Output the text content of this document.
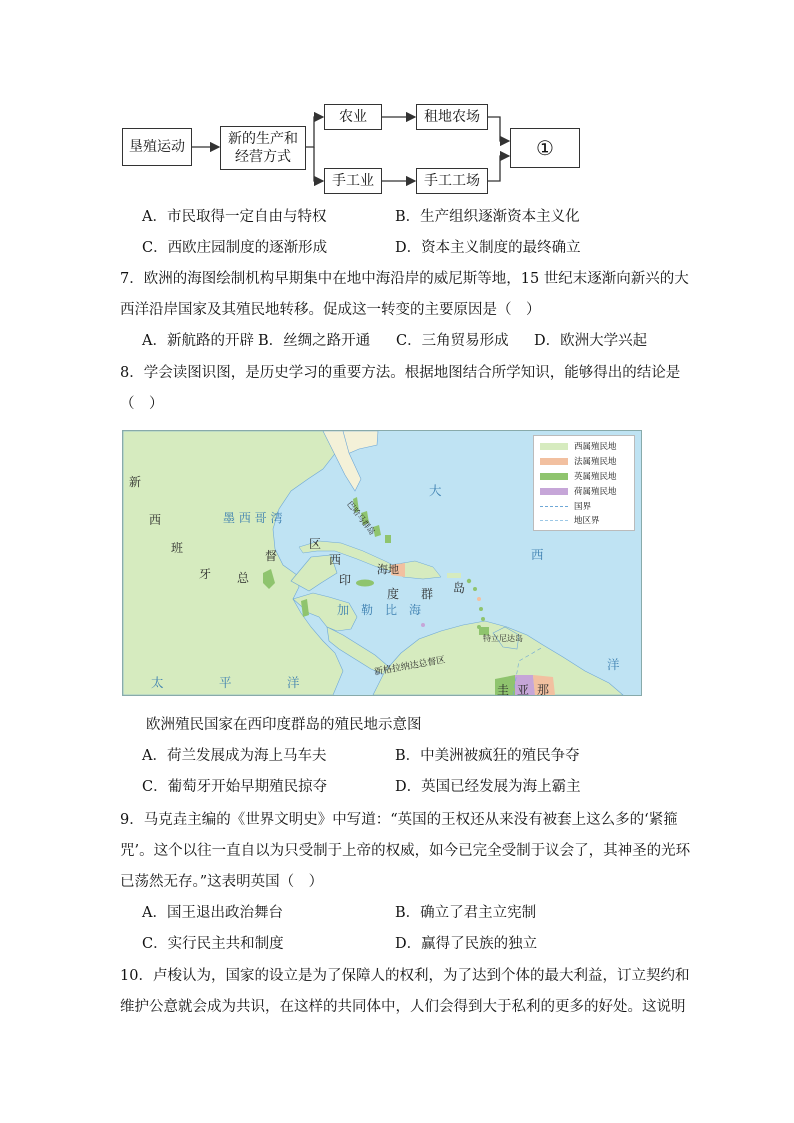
垦殖运动	新的生产和
经营方式
农业	租地农场
手工业	手工工场
①
A．市民取得一定自由与特权	B．生产组织逐渐资本主义化
C．西欧庄园制度的逐渐形成	D．资本主义制度的最终确立
7．欧洲的海图绘制机构早期集中在地中海沿岸的威尼斯等地，15 世纪末逐渐向新兴的大
西洋沿岸国家及其殖民地转移。促成这一转变的主要原因是（　）
A．新航路的开辟 B．丝绸之路开通 C．三角贸易形成 D．欧洲大学兴起
8．学会读图识图，是历史学习的重要方法。根据地图结合所学知识，能够得出的结论是
（　）
西属殖民地
法属殖民地
英属殖民地
荷属殖民地
国界
地区界
新
西
班
牙 总
督
区
墨 西 哥 湾	巴哈马群岛
海地
大
西
洋
西
印
度 群 岛
加　勒　比　海
特立尼达岛
新格拉纳达总督区
太	平	洋	圭 亚 那
欧洲殖民国家在西印度群岛的殖民地示意图
A．荷兰发展成为海上马车夫	B．中美洲被疯狂的殖民争夺
C．葡萄牙开始早期殖民掠夺	D．英国已经发展为海上霸主
9．马克垚主编的《世界文明史》中写道：“英国的王权还从来没有被套上这么多的‘紧箍
咒’。这个以往一直自以为只受制于上帝的权威，如今已完全受制于议会了，其神圣的光环
已荡然无存。”这表明英国（　）
A．国王退出政治舞台	B．确立了君主立宪制
C．实行民主共和制度	D．赢得了民族的独立
10．卢梭认为，国家的设立是为了保障人的权利，为了达到个体的最大利益，订立契约和
维护公意就会成为共识，在这样的共同体中，人们会得到大于私利的更多的好处。这说明
